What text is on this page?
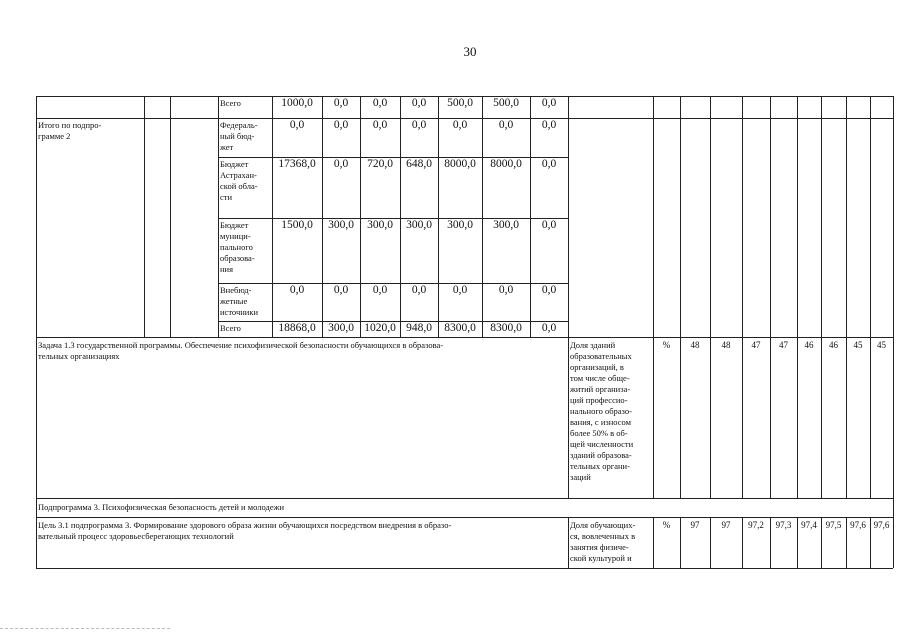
30
Итого по подпро-
грамме 2
Всего	1000,0	0,0	0,0	0,0	500,0	500,0	0,0
Федераль-
ный бюд-
жет
0,0	0,0	0,0	0,0	0,0	0,0	0,0
Бюджет
Астрахан-
ской обла-
сти
17368,0	0,0	720,0	648,0	8000,0	8000,0	0,0
Бюджет
муници-
пального
образова-
ния
1500,0	300,0	300,0	300,0	300,0	300,0	0,0
Внебюд-
жетные
источники
0,0	0,0	0,0	0,0	0,0	0,0	0,0
Всего	18868,0	300,0 1020,0 948,0	8300,0	8300,0	0,0
Задача 1.3 государственной программы. Обеспечение психофизической безопасности обучающихся в образова-
тельных организациях
Доля зданий
образовательных
организаций, в
том числе обще-
житий организа-
ций профессио-
нального образо-
вания, с износом
более 50% в об-
щей численности
зданий образова-
тельных органи-
заций
%	48	48	47	47	46	46	45	45
Подпрограмма 3. Психофизическая безопасность детей и молодежи
Цель 3.1 подпрограмма 3. Формирование здорового образа жизни обучающихся посредством внедрения в образо-
вательный процесс здоровьесберегающих технологий
Доля обучающих-
ся, вовлеченных в
занятия физиче-
ской культурой и
%	97	97	97,2	97,3	97,4 97,5 97,6 97,6
